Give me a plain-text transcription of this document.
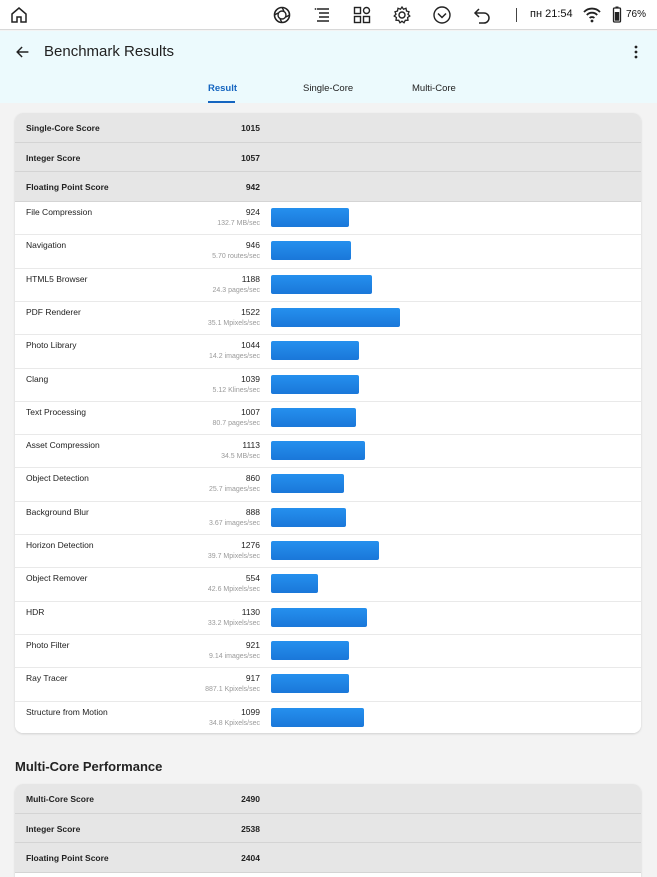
пн 21:54	76%
Benchmark Results
Result	Single-Core	Multi-Core
Single-Core Score	1015
Integer Score	1057
Floating Point Score	942
File Compression	924
132.7 MB/sec
Navigation	946
5.70 routes/sec
HTML5 Browser	1188
24.3 pages/sec
PDF Renderer	1522
35.1 Mpixels/sec
Photo Library	1044
14.2 images/sec
Clang	1039
5.12 Klines/sec
Text Processing	1007
80.7 pages/sec
Asset Compression	1113
34.5 MB/sec
Object Detection	860
25.7 images/sec
Background Blur	888
3.67 images/sec
Horizon Detection	1276
39.7 Mpixels/sec
Object Remover	554
42.6 Mpixels/sec
HDR	1130
33.2 Mpixels/sec
Photo Filter	921
9.14 images/sec
Ray Tracer	917
887.1 Kpixels/sec
Structure from Motion	1099
34.8 Kpixels/sec
Multi-Core Performance
Multi-Core Score	2490
Integer Score	2538
Floating Point Score	2404
